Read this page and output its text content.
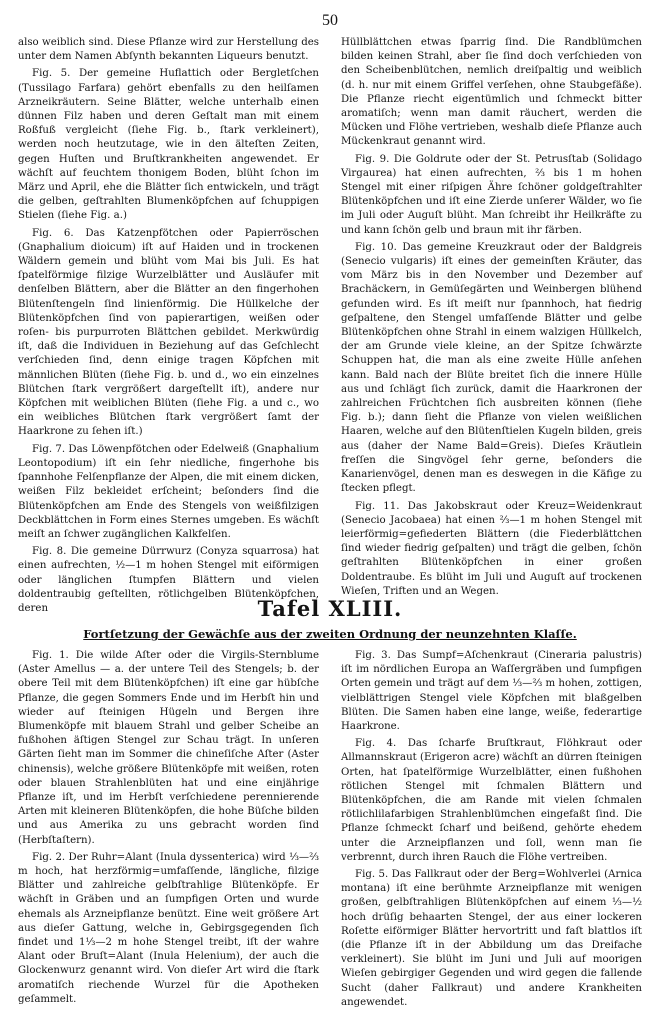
50

also weiblich sind. Diese Pflanze wird zur Herstellung des unter dem Namen Abſynth bekannten Liqueurs benutzt.

Fig. 5. Der gemeine Huflattich oder Bergletſchen (Tussilago Farfara) gehört ebenfalls zu den heilſamen Arzneikräutern. Seine Blätter, welche unterhalb einen dünnen Filz haben und deren Geſtalt man mit einem Roßfuß vergleicht (ſiehe Fig. b., ſtark verkleinert), werden noch heutzutage, wie in den älteſten Zeiten, gegen Huſten und Bruſtkrankheiten angewendet. Er wächſt auf feuchtem thonigem Boden, blüht ſchon im März und April, ehe die Blätter ſich entwickeln, und trägt die gelben, geſtrahlten Blumenköpfchen auf ſchuppigen Stielen (ſiehe Fig. a.)

Fig. 6. Das Katzenpfötchen oder Papierröschen (Gnaphalium dioicum) iſt auf Haiden und in trockenen Wäldern gemein und blüht vom Mai bis Juli. Es hat ſpatelförmige filzige Wurzelblätter und Ausläufer mit denſelben Blättern, aber die Blätter an den fingerhohen Blütenſtengeln ſind linienförmig. Die Hüllkelche der Blütenköpfchen ſind von papierartigen, weißen oder roſen- bis purpurroten Blättchen gebildet. Merkwürdig iſt, daß die Individuen in Beziehung auf das Geſchlecht verſchieden ſind, denn einige tragen Köpfchen mit männlichen Blüten (ſiehe Fig. b. und d., wo ein einzelnes Blütchen ſtark vergrößert dargeſtellt iſt), andere nur Köpfchen mit weiblichen Blüten (ſiehe Fig. a und c., wo ein weibliches Blütchen ſtark vergrößert ſamt der Haarkrone zu ſehen iſt.)

Fig. 7. Das Löwenpfötchen oder Edelweiß (Gnaphalium Leontopodium) iſt ein ſehr niedliche, fingerhohe bis ſpannhohe Felſenpflanze der Alpen, die mit einem dicken, weißen Filz bekleidet erſcheint; beſonders ſind die Blütenköpfchen am Ende des Stengels von weißfilzigen Deckblättchen in Form eines Sternes umgeben. Es wächſt meiſt an ſchwer zugänglichen Kalkfelſen.

Fig. 8. Die gemeine Dürrwurz (Conyza squarrosa) hat einen aufrechten, ½—1 m hohen Stengel mit eiförmigen oder länglichen ſtumpfen Blättern und vielen doldentraubig geſtellten, rötlichgelben Blütenköpfchen, deren

Hüllblättchen etwas ſparrig ſind. Die Randblümchen bilden keinen Strahl, aber ſie ſind doch verſchieden von den Scheibenblütchen, nemlich dreiſpaltig und weiblich (d. h. nur mit einem Griffel verſehen, ohne Staubgefäße). Die Pflanze riecht eigentümlich und ſchmeckt bitter aromatiſch; wenn man damit räuchert, werden die Mücken und Flöhe vertrieben, weshalb dieſe Pflanze auch Mückenkraut genannt wird.

Fig. 9. Die Goldrute oder der St. Petrusſtab (Solidago Virgaurea) hat einen aufrechten, ⅔ bis 1 m hohen Stengel mit einer riſpigen Ähre ſchöner goldgeſtrahlter Blütenköpfchen und iſt eine Zierde unſerer Wälder, wo ſie im Juli oder Auguſt blüht. Man ſchreibt ihr Heilkräfte zu und kann ſchön gelb und braun mit ihr färben.

Fig. 10. Das gemeine Kreuzkraut oder der Baldgreis (Senecio vulgaris) iſt eines der gemeinſten Kräuter, das vom März bis in den November und Dezember auf Brachäckern, in Gemüſegärten und Weinbergen blühend gefunden wird. Es iſt meiſt nur ſpannhoch, hat fiedrig geſpaltene, den Stengel umfaſſende Blätter und gelbe Blütenköpfchen ohne Strahl in einem walzigen Hüllkelch, der am Grunde viele kleine, an der Spitze ſchwärzte Schuppen hat, die man als eine zweite Hülle anſehen kann. Bald nach der Blüte breitet ſich die innere Hülle aus und ſchlägt ſich zurück, damit die Haarkronen der zahlreichen Früchtchen ſich ausbreiten können (ſiehe Fig. b.); dann ſieht die Pflanze von vielen weißlichen Haaren, welche auf den Blütenſtielen Kugeln bilden, greis aus (daher der Name Bald=Greis). Dieſes Kräutlein freſſen die Singvögel ſehr gerne, beſonders die Kanarienvögel, denen man es deswegen in die Käfige zu ſtecken pflegt.

Fig. 11. Das Jakobskraut oder Kreuz=Weidenkraut (Senecio Jacobaea) hat einen ⅔—1 m hohen Stengel mit leierförmig=gefiederten Blättern (die Fiederblättchen ſind wieder fiedrig geſpalten) und trägt die gelben, ſchön geſtrahlten Blütenköpfchen in einer großen Doldentraube. Es blüht im Juli und Auguſt auf trockenen Wieſen, Triften und an Wegen.

Tafel XLIII.
Fortſetzung der Gewächſe aus der zweiten Ordnung der neunzehnten Klaſſe.

Fig. 1. Die wilde Aſter oder die Virgils-Sternblume (Aster Amellus — a. der untere Teil des Stengels; b. der obere Teil mit dem Blütenköpfchen) iſt eine gar hübſche Pflanze, die gegen Sommers Ende und im Herbſt hin und wieder auf ſteinigen Hügeln und Bergen ihre Blumenköpfe mit blauem Strahl und gelber Scheibe an fußhohen äſtigen Stengel zur Schau trägt. In unſeren Gärten ſieht man im Sommer die chineſiſche Aſter (Aster chinensis), welche größere Blütenköpfe mit weißen, roten oder blauen Strahlenblüten hat und eine einjährige Pflanze iſt, und im Herbſt verſchiedene perennierende Arten mit kleineren Blütenköpfen, die hohe Büſche bilden und aus Amerika zu uns gebracht worden ſind (Herbſtaſtern).

Fig. 2. Der Ruhr=Alant (Inula dyssenterica) wird ⅓—⅔ m hoch, hat herzförmig=umfaſſende, längliche, filzige Blätter und zahlreiche gelbſtrahlige Blütenköpfe. Er wächſt in Gräben und an ſumpfigen Orten und wurde ehemals als Arzneipflanze benützt. Eine weit größere Art aus dieſer Gattung, welche in, Gebirgsgegenden ſich findet und 1⅓—2 m hohe Stengel treibt, iſt der wahre Alant oder Bruſt=Alant (Inula Helenium), der auch die Glockenwurz genannt wird. Von dieſer Art wird die ſtark aromatiſch riechende Wurzel für die Apotheken geſammelt.

Fig. 3. Das Sumpf=Aſchenkraut (Cineraria palustris) iſt im nördlichen Europa an Waſſergräben und ſumpfigen Orten gemein und trägt auf dem ⅓—⅔ m hohen, zottigen, vielblättrigen Stengel viele Köpfchen mit blaßgelben Blüten. Die Samen haben eine lange, weiße, federartige Haarkrone.

Fig. 4. Das ſcharfe Bruſtkraut, Flöhkraut oder Allmannskraut (Erigeron acre) wächſt an dürren ſteinigen Orten, hat ſpatelförmige Wurzelblätter, einen fußhohen rötlichen Stengel mit ſchmalen Blättern und Blütenköpfchen, die am Rande mit vielen ſchmalen rötlichlilafarbigen Strahlenblümchen eingefaßt ſind. Die Pflanze ſchmeckt ſcharf und beißend, gehörte ehedem unter die Arzneipflanzen und ſoll, wenn man ſie verbrennt, durch ihren Rauch die Flöhe vertreiben.

Fig. 5. Das Fallkraut oder der Berg=Wohlverlei (Arnica montana) iſt eine berühmte Arzneipflanze mit wenigen großen, gelbſtrahligen Blütenköpfchen auf einem ⅓—½ hoch drüſig behaarten Stengel, der aus einer lockeren Roſette eiförmiger Blätter hervortritt und faſt blattlos iſt (die Pflanze iſt in der Abbildung um das Dreifache verkleinert). Sie blüht im Juni und Juli auf moorigen Wieſen gebirgiger Gegenden und wird gegen die fallende Sucht (daher Fallkraut) und andere Krankheiten angewendet.
